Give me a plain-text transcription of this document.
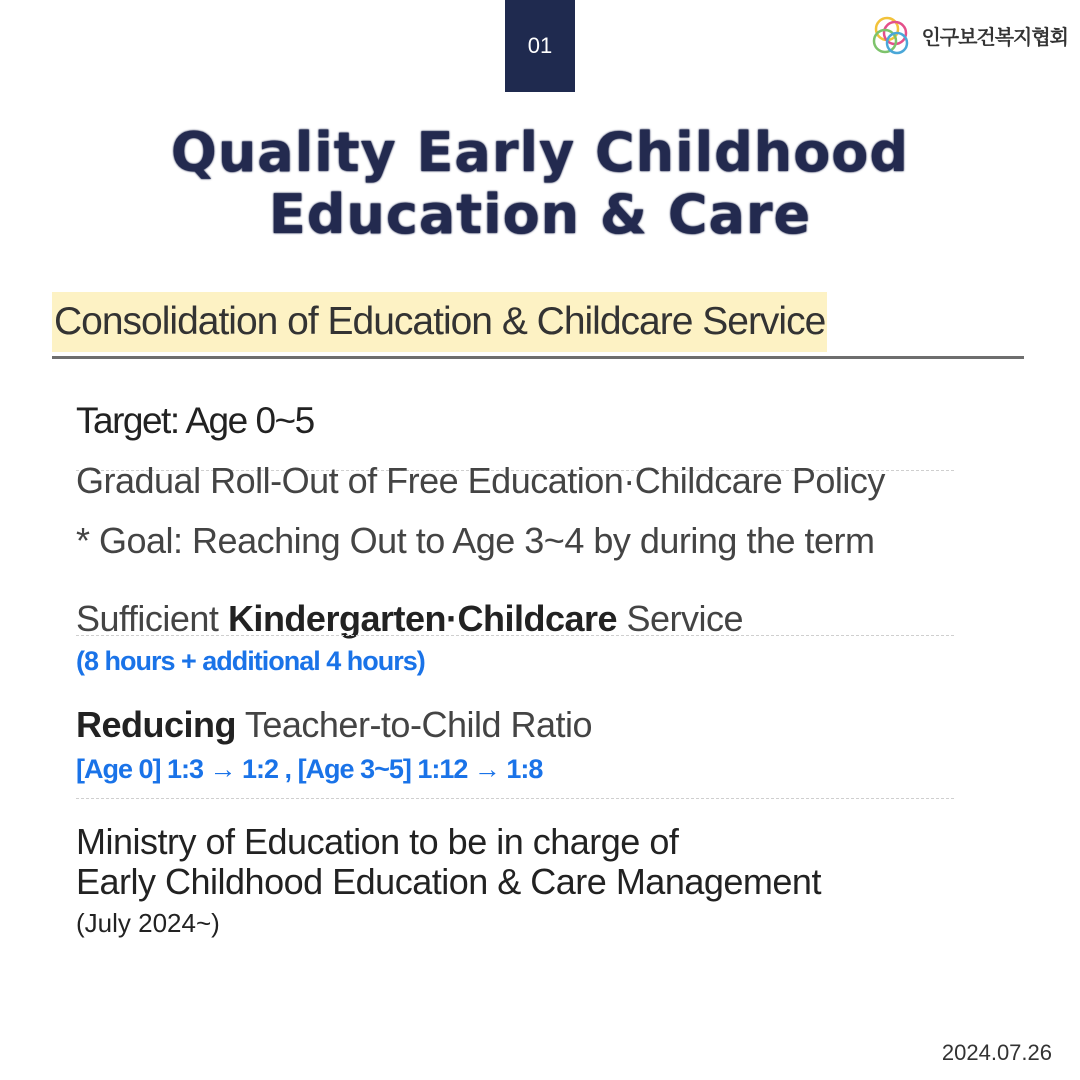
01	인구보건복지협회
Quality Early Childhood
Education & Care
Consolidation of Education & Childcare Service
Target: Age 0~5
Gradual Roll-Out of Free Education·Childcare Policy
* Goal: Reaching Out to Age 3~4 by during the term
Sufficient Kindergarten·Childcare Service
(8 hours + additional 4 hours)
Reducing Teacher-to-Child Ratio
[Age 0] 1:3 → 1:2 , [Age 3~5] 1:12 → 1:8
Ministry of Education to be in charge of
Early Childhood Education & Care Management
(July 2024~)
2024.07.26
